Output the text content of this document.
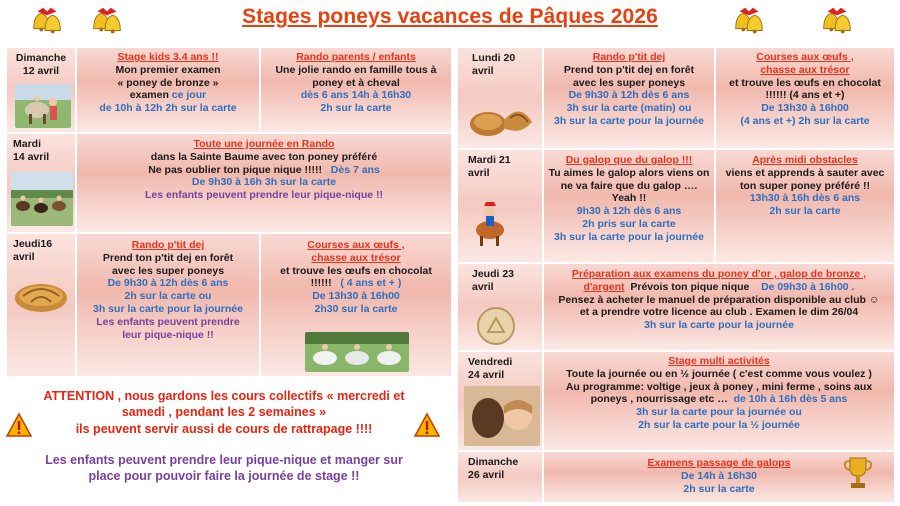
Stages poneys vacances de Pâques 2026
Dimanche
12 avril
Stage kids 3.4 ans !!
Mon premier examen
« poney de bronze »
examen ce jour
de 10h à 12h 2h sur la carte
Rando parents / enfants
Une jolie rando en famille tous à
poney et à cheval
dès 6 ans 14h à 16h30
2h sur la carte
Mardi
14 avril
Toute une journée en Rando
dans la Sainte Baume avec ton poney préféré
Ne pas oublier ton pique nique !!!!! Dès 7 ans
De 9h30 à 16h 3h sur la carte
Les enfants peuvent prendre leur pique-nique !!
Jeudi16
avril
Rando p'tit dej
Prend ton p'tit dej en forêt
avec les super poneys
De 9h30 à 12h dès 6 ans
2h sur la carte ou
3h sur la carte pour la journée
Les enfants peuvent prendre
leur pique-nique !!
Courses aux œufs ,
chasse aux trésor
et trouve les œufs en chocolat
!!!!!! ( 4 ans et + )
De 13h30 à 16h00
2h30 sur la carte
ATTENTION , nous gardons les cours collectifs « mercredi et
samedi , pendant les 2 semaines »
ils peuvent servir aussi de cours de rattrapage !!!!
Les enfants peuvent prendre leur pique-nique et manger sur
place pour pouvoir faire la journée de stage !!
Lundi 20
avril
Rando p'tit dej
Prend ton p'tit dej en forêt
avec les super poneys
De 9h30 à 12h dès 6 ans
3h sur la carte (matin) ou
3h sur la carte pour la journée
Courses aux œufs ,
chasse aux trésor
et trouve les œufs en chocolat
!!!!!! (4 ans et +)
De 13h30 à 16h00
(4 ans et +) 2h sur la carte
Mardi 21
avril
Du galop que du galop !!!
Tu aimes le galop alors viens on
ne va faire que du galop ….
Yeah !!
9h30 à 12h dès 6 ans
2h pris sur la carte
3h sur la carte pour la journée
Après midi obstacles
viens et apprends à sauter avec
ton super poney préféré !!
13h30 à 16h dès 6 ans
2h sur la carte
Jeudi 23
avril
Préparation aux examens du poney d'or , galop de bronze ,
d'argent Prévois ton pique nique De 09h30 à 16h00 .
Pensez à acheter le manuel de préparation disponible au club ☺
et a prendre votre licence au club . Examen le dim 26/04
3h sur la carte pour la journée
Vendredi
24 avril
Stage multi activités
Toute la journée ou en ½ journée ( c'est comme vous voulez )
Au programme: voltige , jeux à poney , mini ferme , soins aux
poneys , nourrissage etc … de 10h à 16h dès 5 ans
3h sur la carte pour la journée ou
2h sur la carte pour la ½ journée
Dimanche
26 avril
Examens passage de galops
De 14h à 16h30
2h sur la carte
